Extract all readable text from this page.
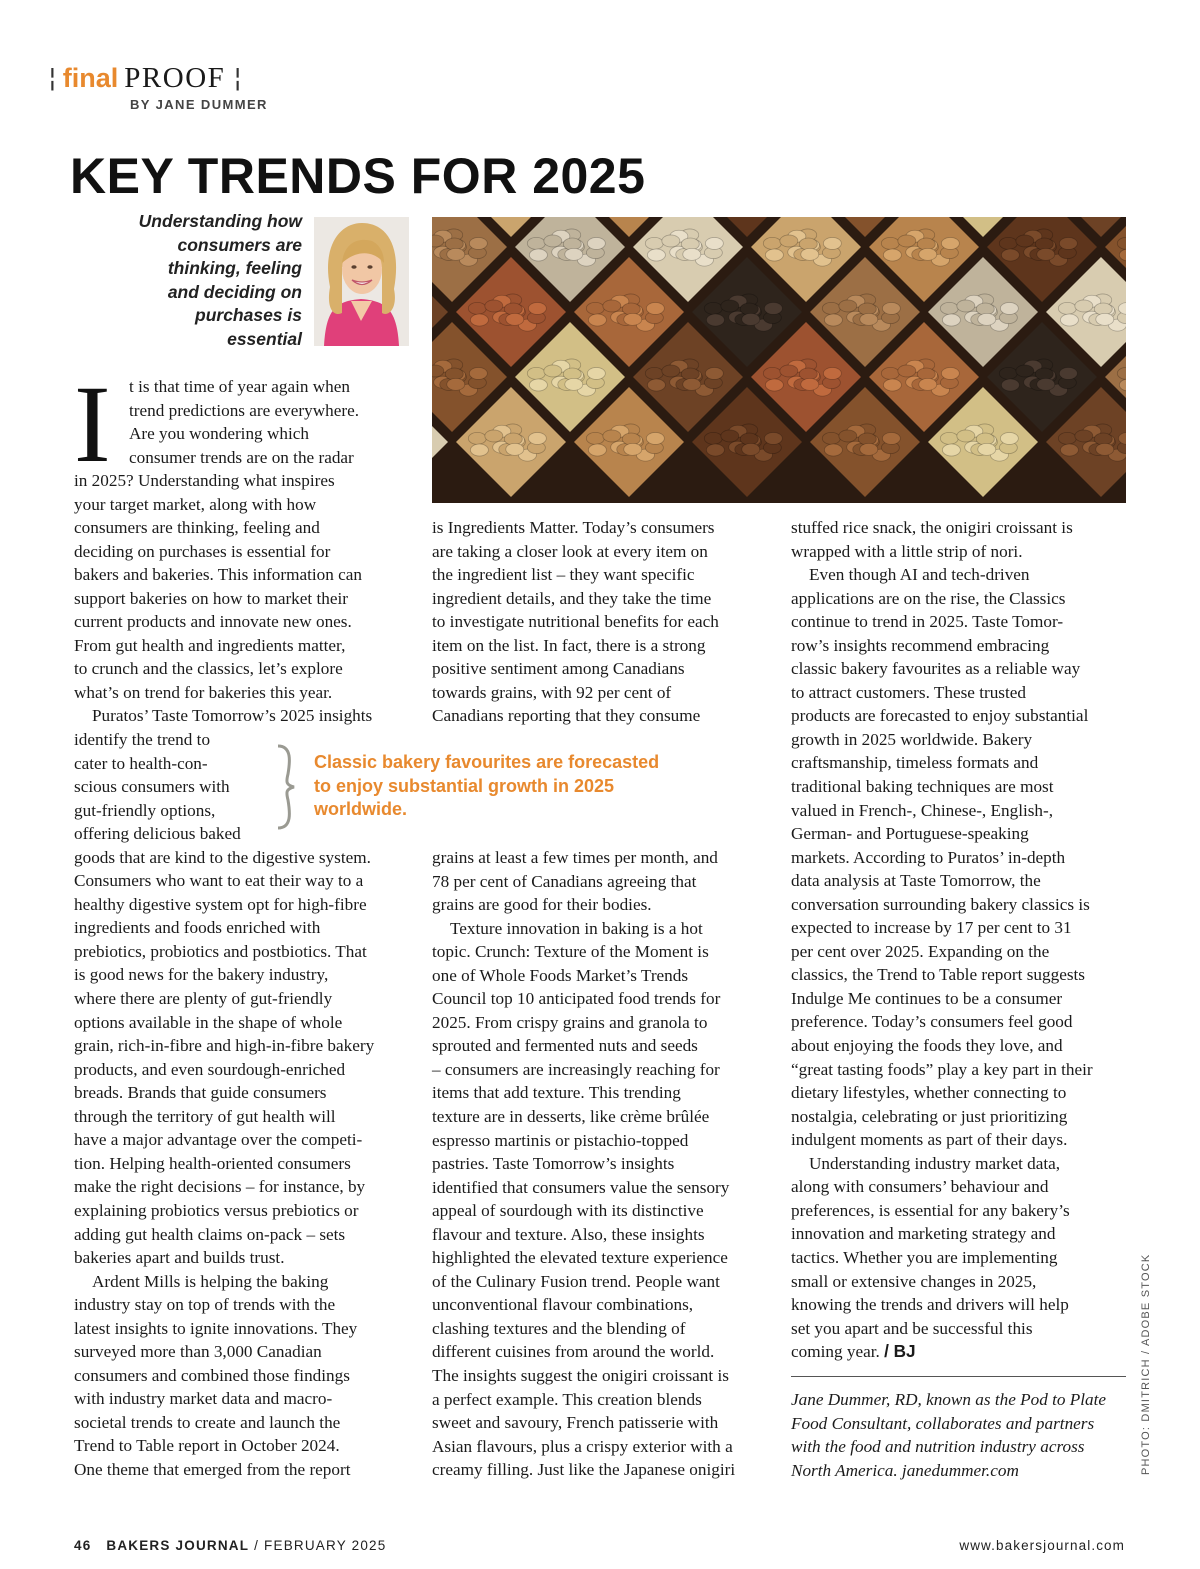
¦ final PROOF ¦
BY JANE DUMMER
KEY TRENDS FOR 2025
Understanding how
consumers are
thinking, feeling
and deciding on
purchases is
essential
I t is that time of year again when
trend predictions are everywhere.
Are you wondering which
consumer trends are on the radar
in 2025? Understanding what inspires
your target market, along with how
consumers are thinking, feeling and
deciding on purchases is essential for
bakers and bakeries. This information can
support bakeries on how to market their
current products and innovate new ones.
From gut health and ingredients matter,
to crunch and the classics, let’s explore
what’s on trend for bakeries this year.
Puratos’ Taste Tomorrow’s 2025 insights
identify the trend to
cater to health-con-
scious consumers with
gut-friendly options,
offering delicious baked
goods that are kind to the digestive system.
Consumers who want to eat their way to a
healthy digestive system opt for high-fibre
ingredients and foods enriched with
prebiotics, probiotics and postbiotics. That
is good news for the bakery industry,
where there are plenty of gut-friendly
options available in the shape of whole
grain, rich-in-fibre and high-in-fibre bakery
products, and even sourdough-enriched
breads. Brands that guide consumers
through the territory of gut health will
have a major advantage over the competi-
tion. Helping health-oriented consumers
make the right decisions – for instance, by
explaining probiotics versus prebiotics or
adding gut health claims on-pack – sets
bakeries apart and builds trust.
Ardent Mills is helping the baking
industry stay on top of trends with the
latest insights to ignite innovations. They
surveyed more than 3,000 Canadian
consumers and combined those findings
with industry market data and macro-
societal trends to create and launch the
Trend to Table report in October 2024.
One theme that emerged from the report
is Ingredients Matter. Today’s consumers
are taking a closer look at every item on
the ingredient list – they want specific
ingredient details, and they take the time
to investigate nutritional benefits for each
item on the list. In fact, there is a strong
positive sentiment among Canadians
towards grains, with 92 per cent of
Canadians reporting that they consume
Classic bakery favourites are forecasted
to enjoy substantial growth in 2025
worldwide.
grains at least a few times per month, and
78 per cent of Canadians agreeing that
grains are good for their bodies.
Texture innovation in baking is a hot
topic. Crunch: Texture of the Moment is
one of Whole Foods Market’s Trends
Council top 10 anticipated food trends for
2025. From crispy grains and granola to
sprouted and fermented nuts and seeds
– consumers are increasingly reaching for
items that add texture. This trending
texture are in desserts, like crème brûlée
espresso martinis or pistachio-topped
pastries. Taste Tomorrow’s insights
identified that consumers value the sensory
appeal of sourdough with its distinctive
flavour and texture. Also, these insights
highlighted the elevated texture experience
of the Culinary Fusion trend. People want
unconventional flavour combinations,
clashing textures and the blending of
different cuisines from around the world.
The insights suggest the onigiri croissant is
a perfect example. This creation blends
sweet and savoury, French patisserie with
Asian flavours, plus a crispy exterior with a
creamy filling. Just like the Japanese onigiri
stuffed rice snack, the onigiri croissant is
wrapped with a little strip of nori.
Even though AI and tech-driven
applications are on the rise, the Classics
continue to trend in 2025. Taste Tomor-
row’s insights recommend embracing
classic bakery favourites as a reliable way
to attract customers. These trusted
products are forecasted to enjoy substantial
growth in 2025 worldwide. Bakery
craftsmanship, timeless formats and
traditional baking techniques are most
valued in French-, Chinese-, English-,
German- and Portuguese-speaking
markets. According to Puratos’ in-depth
data analysis at Taste Tomorrow, the
conversation surrounding bakery classics is
expected to increase by 17 per cent to 31
per cent over 2025. Expanding on the
classics, the Trend to Table report suggests
Indulge Me continues to be a consumer
preference. Today’s consumers feel good
about enjoying the foods they love, and
“great tasting foods” play a key part in their
dietary lifestyles, whether connecting to
nostalgia, celebrating or just prioritizing
indulgent moments as part of their days.
Understanding industry market data,
along with consumers’ behaviour and
preferences, is essential for any bakery’s
innovation and marketing strategy and
tactics. Whether you are implementing
small or extensive changes in 2025,
knowing the trends and drivers will help
set you apart and be successful this
coming year. / BJ
Jane Dummer, RD, known as the Pod to Plate
Food Consultant, collaborates and partners
with the food and nutrition industry across
North America. janedummer.com	PHOTO: DMITRICH / ADOBE STOCK
46 BAKERS JOURNAL / FEBRUARY 2025	www.bakersjournal.com
